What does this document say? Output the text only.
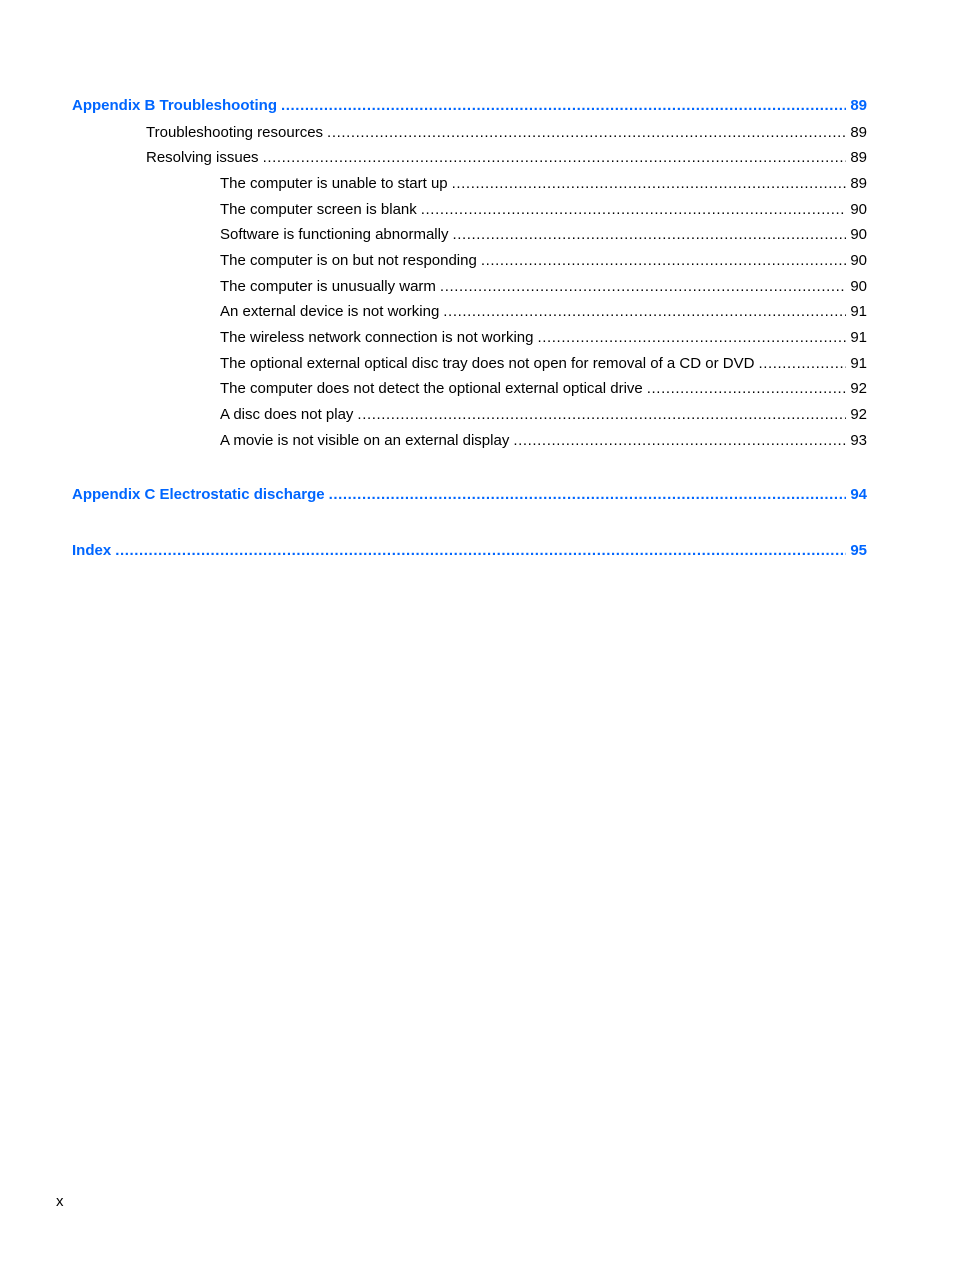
Appendix B Troubleshooting .....	89
Troubleshooting resources .....	89
Resolving issues .....	89
The computer is unable to start up .....	89
The computer screen is blank .....	90
Software is functioning abnormally .....	90
The computer is on but not responding .....	90
The computer is unusually warm .....	90
An external device is not working .....	91
The wireless network connection is not working .....	91
The optional external optical disc tray does not open for removal of a CD or DVD .....	91
The computer does not detect the optional external optical drive .....	92
A disc does not play .....	92
A movie is not visible on an external display .....	93
Appendix C Electrostatic discharge .....	94
Index .....	95
x
